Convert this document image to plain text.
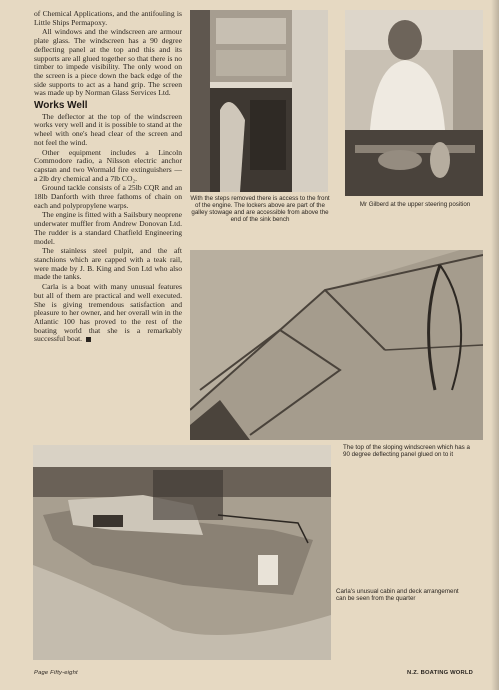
of Chemical Applications, and the antifouling is Little Ships Permapoxy.

All windows and the windscreen are armour plate glass. The windscreen has a 90 degree deflecting panel at the top and this and its supports are all glued together so that there is no timber to impede visibility. The only wood on the screen is a piece down the back edge of the side supports to act as a hand grip. The screen was made up by Norman Glass Services Ltd.

Works Well

The deflector at the top of the windscreen works very well and it is possible to stand at the wheel with one's head clear of the screen and not feel the wind.

Other equipment includes a Lincoln Commodore radio, a Nilsson electric anchor capstan and two Wormald fire extinguishers — a 2lb dry chemical and a 7lb CO₂.

Ground tackle consists of a 25lb CQR and an 18lb Danforth with three fathoms of chain on each and polypropylene warps.

The engine is fitted with a Sailsbury neoprene underwater muffler from Andrew Donovan Ltd. The rudder is a standard Chatfield Engineering model.

The stainless steel pulpit, and the aft stanchions which are capped with a teak rail, were made by J. B. King and Son Ltd who also made the tanks.

Carla is a boat with many unusual features but all of them are practical and well executed. She is giving tremendous satisfaction and pleasure to her owner, and her overall win in the Atlantic 100 has proved to the rest of the boating world that she is a remarkably successful boat.

With the steps removed there is access to the front of the engine. The lockers above are part of the galley stowage and are accessible from above the end of the sink bench
Mr Gilberd at the upper steering position
The top of the sloping windscreen which has a 90 degree deflecting panel glued on to it
Carla's unusual cabin and deck arrangement can be seen from the quarter
Page Fifty-eight	N.Z. BOATING WORLD
